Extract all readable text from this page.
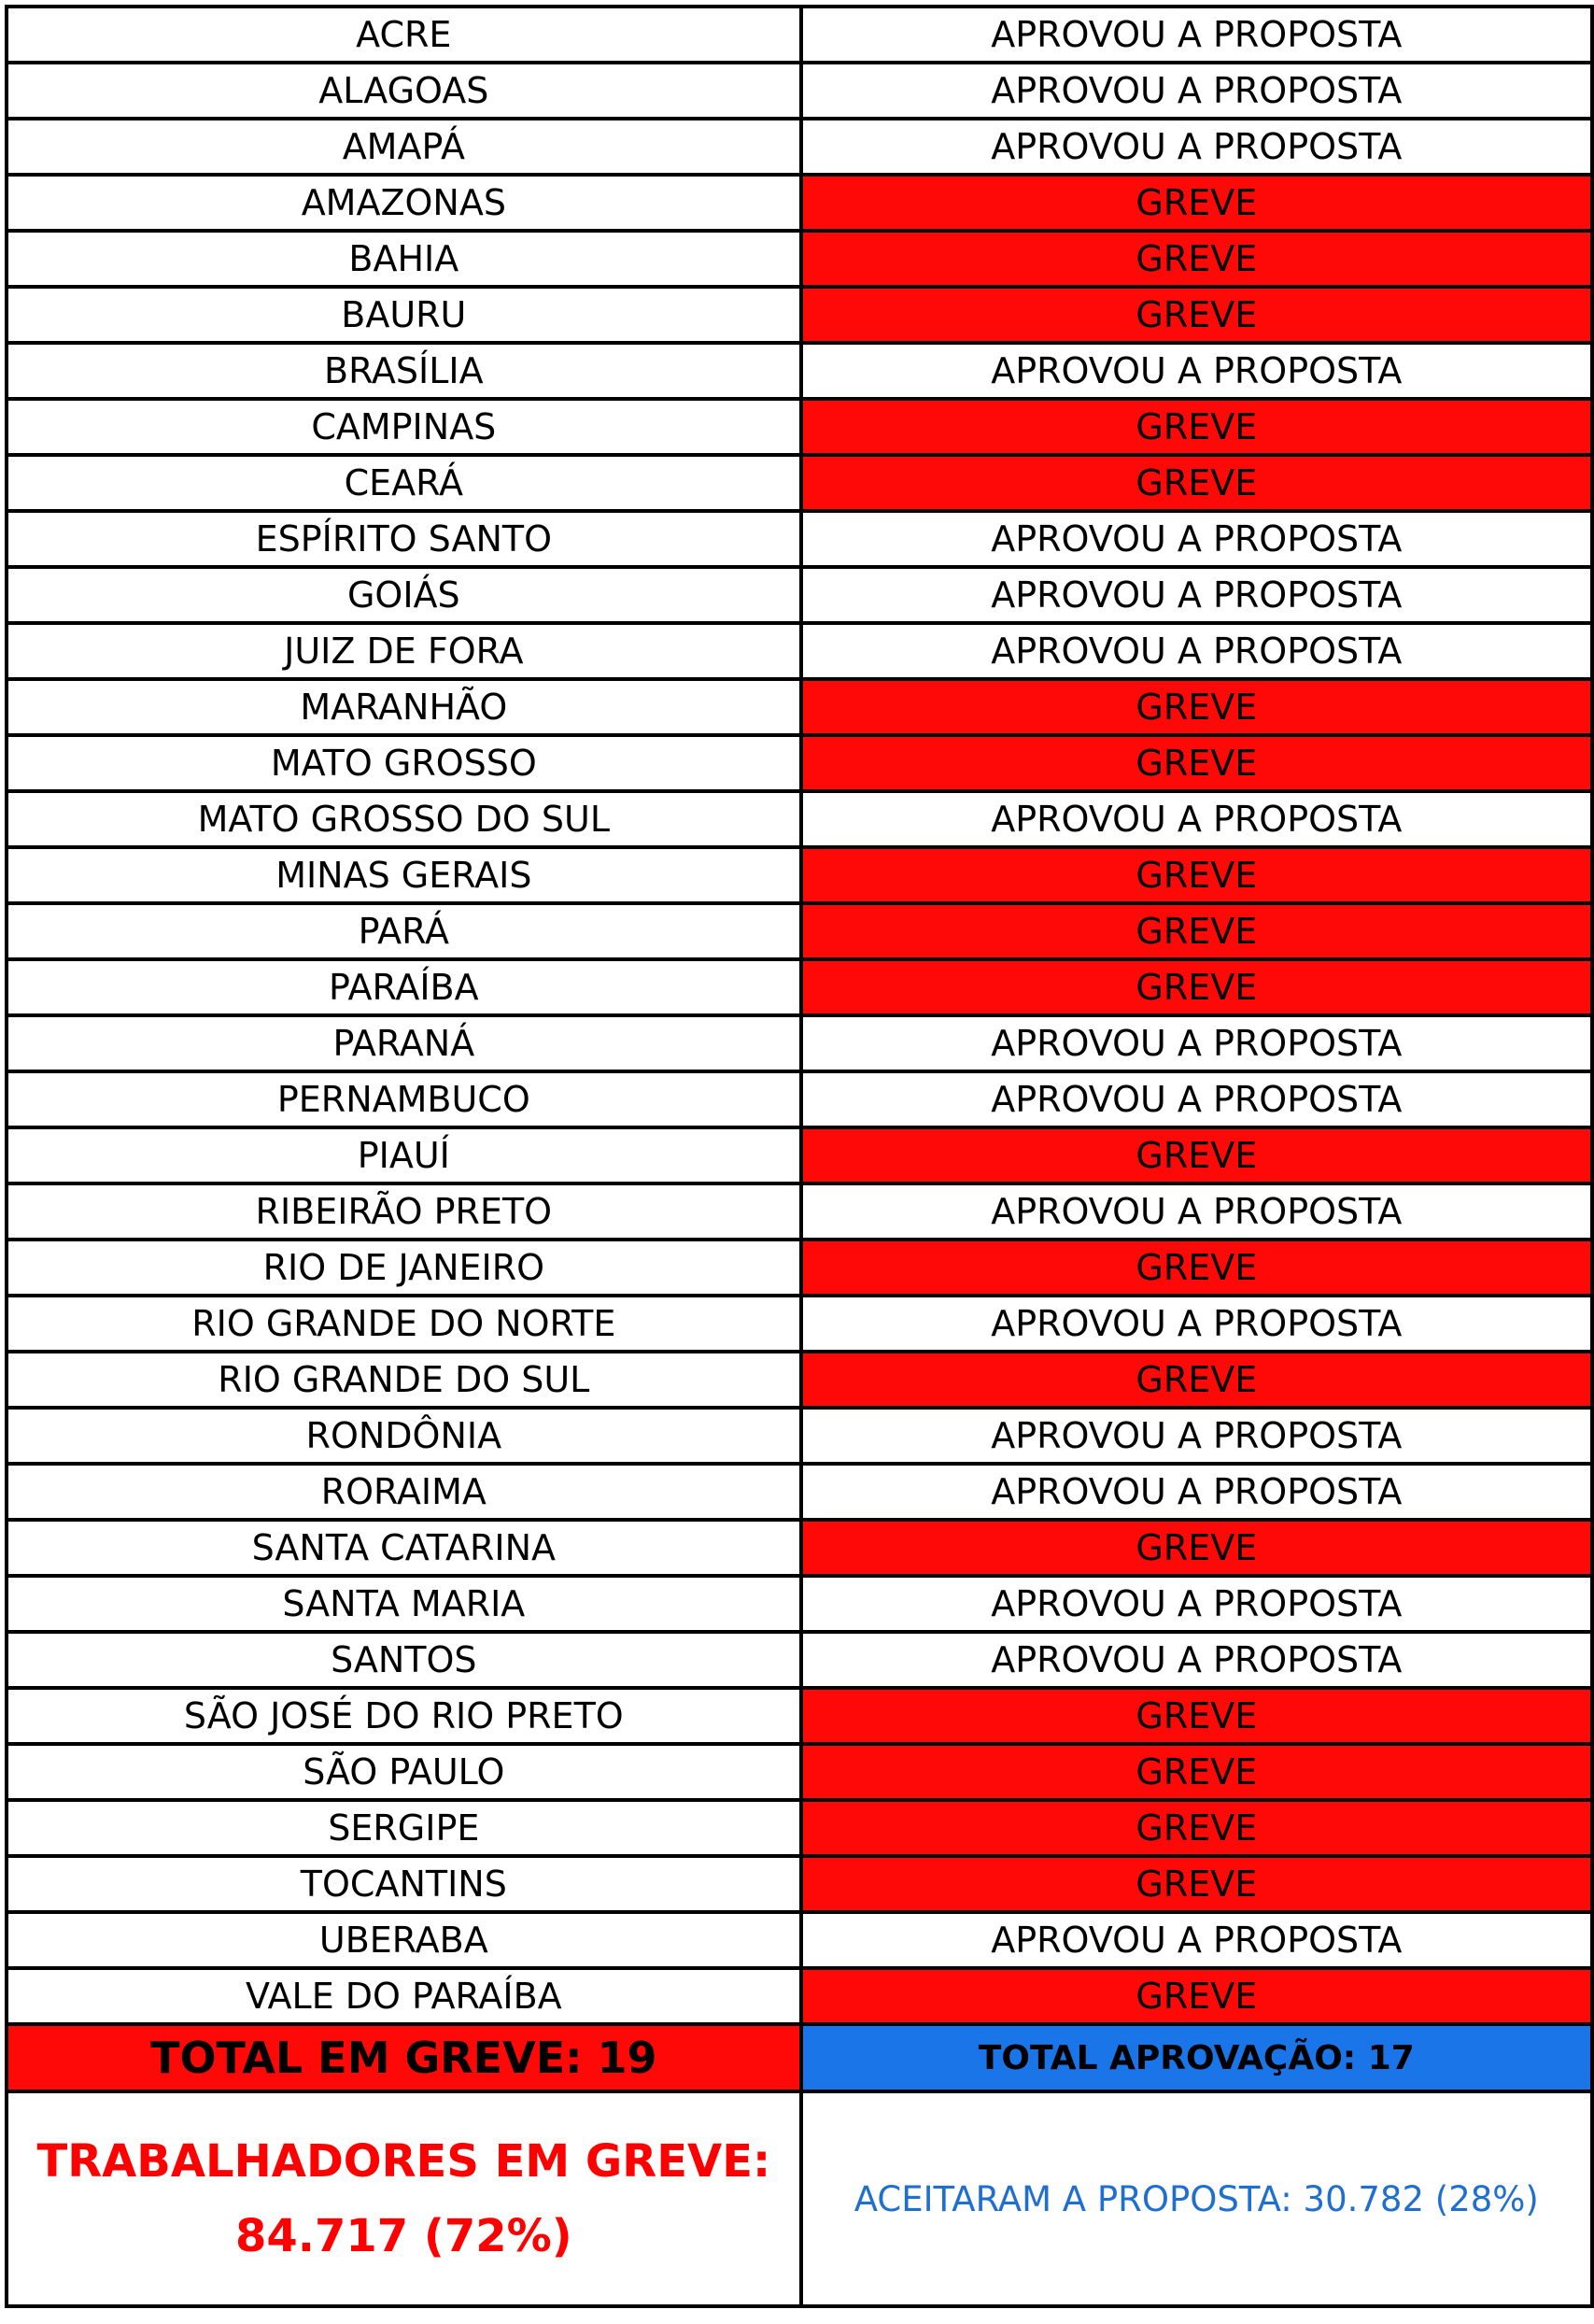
ACRE	APROVOU A PROPOSTA
ALAGOAS	APROVOU A PROPOSTA
AMAPÁ	APROVOU A PROPOSTA
AMAZONAS	GREVE
BAHIA	GREVE
BAURU	GREVE
BRASÍLIA	APROVOU A PROPOSTA
CAMPINAS	GREVE
CEARÁ	GREVE
ESPÍRITO SANTO	APROVOU A PROPOSTA
GOIÁS	APROVOU A PROPOSTA
JUIZ DE FORA	APROVOU A PROPOSTA
MARANHÃO	GREVE
MATO GROSSO	GREVE
MATO GROSSO DO SUL	APROVOU A PROPOSTA
MINAS GERAIS	GREVE
PARÁ	GREVE
PARAÍBA	GREVE
PARANÁ	APROVOU A PROPOSTA
PERNAMBUCO	APROVOU A PROPOSTA
PIAUÍ	GREVE
RIBEIRÃO PRETO	APROVOU A PROPOSTA
RIO DE JANEIRO	GREVE
RIO GRANDE DO NORTE	APROVOU A PROPOSTA
RIO GRANDE DO SUL	GREVE
RONDÔNIA	APROVOU A PROPOSTA
RORAIMA	APROVOU A PROPOSTA
SANTA CATARINA	GREVE
SANTA MARIA	APROVOU A PROPOSTA
SANTOS	APROVOU A PROPOSTA
SÃO JOSÉ DO RIO PRETO	GREVE
SÃO PAULO	GREVE
SERGIPE	GREVE
TOCANTINS	GREVE
UBERABA	APROVOU A PROPOSTA
VALE DO PARAÍBA	GREVE
TOTAL EM GREVE: 19	TOTAL APROVAÇÃO: 17

TRABALHADORES EM GREVE:
84.717 (72%)	ACEITARAM A PROPOSTA: 30.782 (28%)
